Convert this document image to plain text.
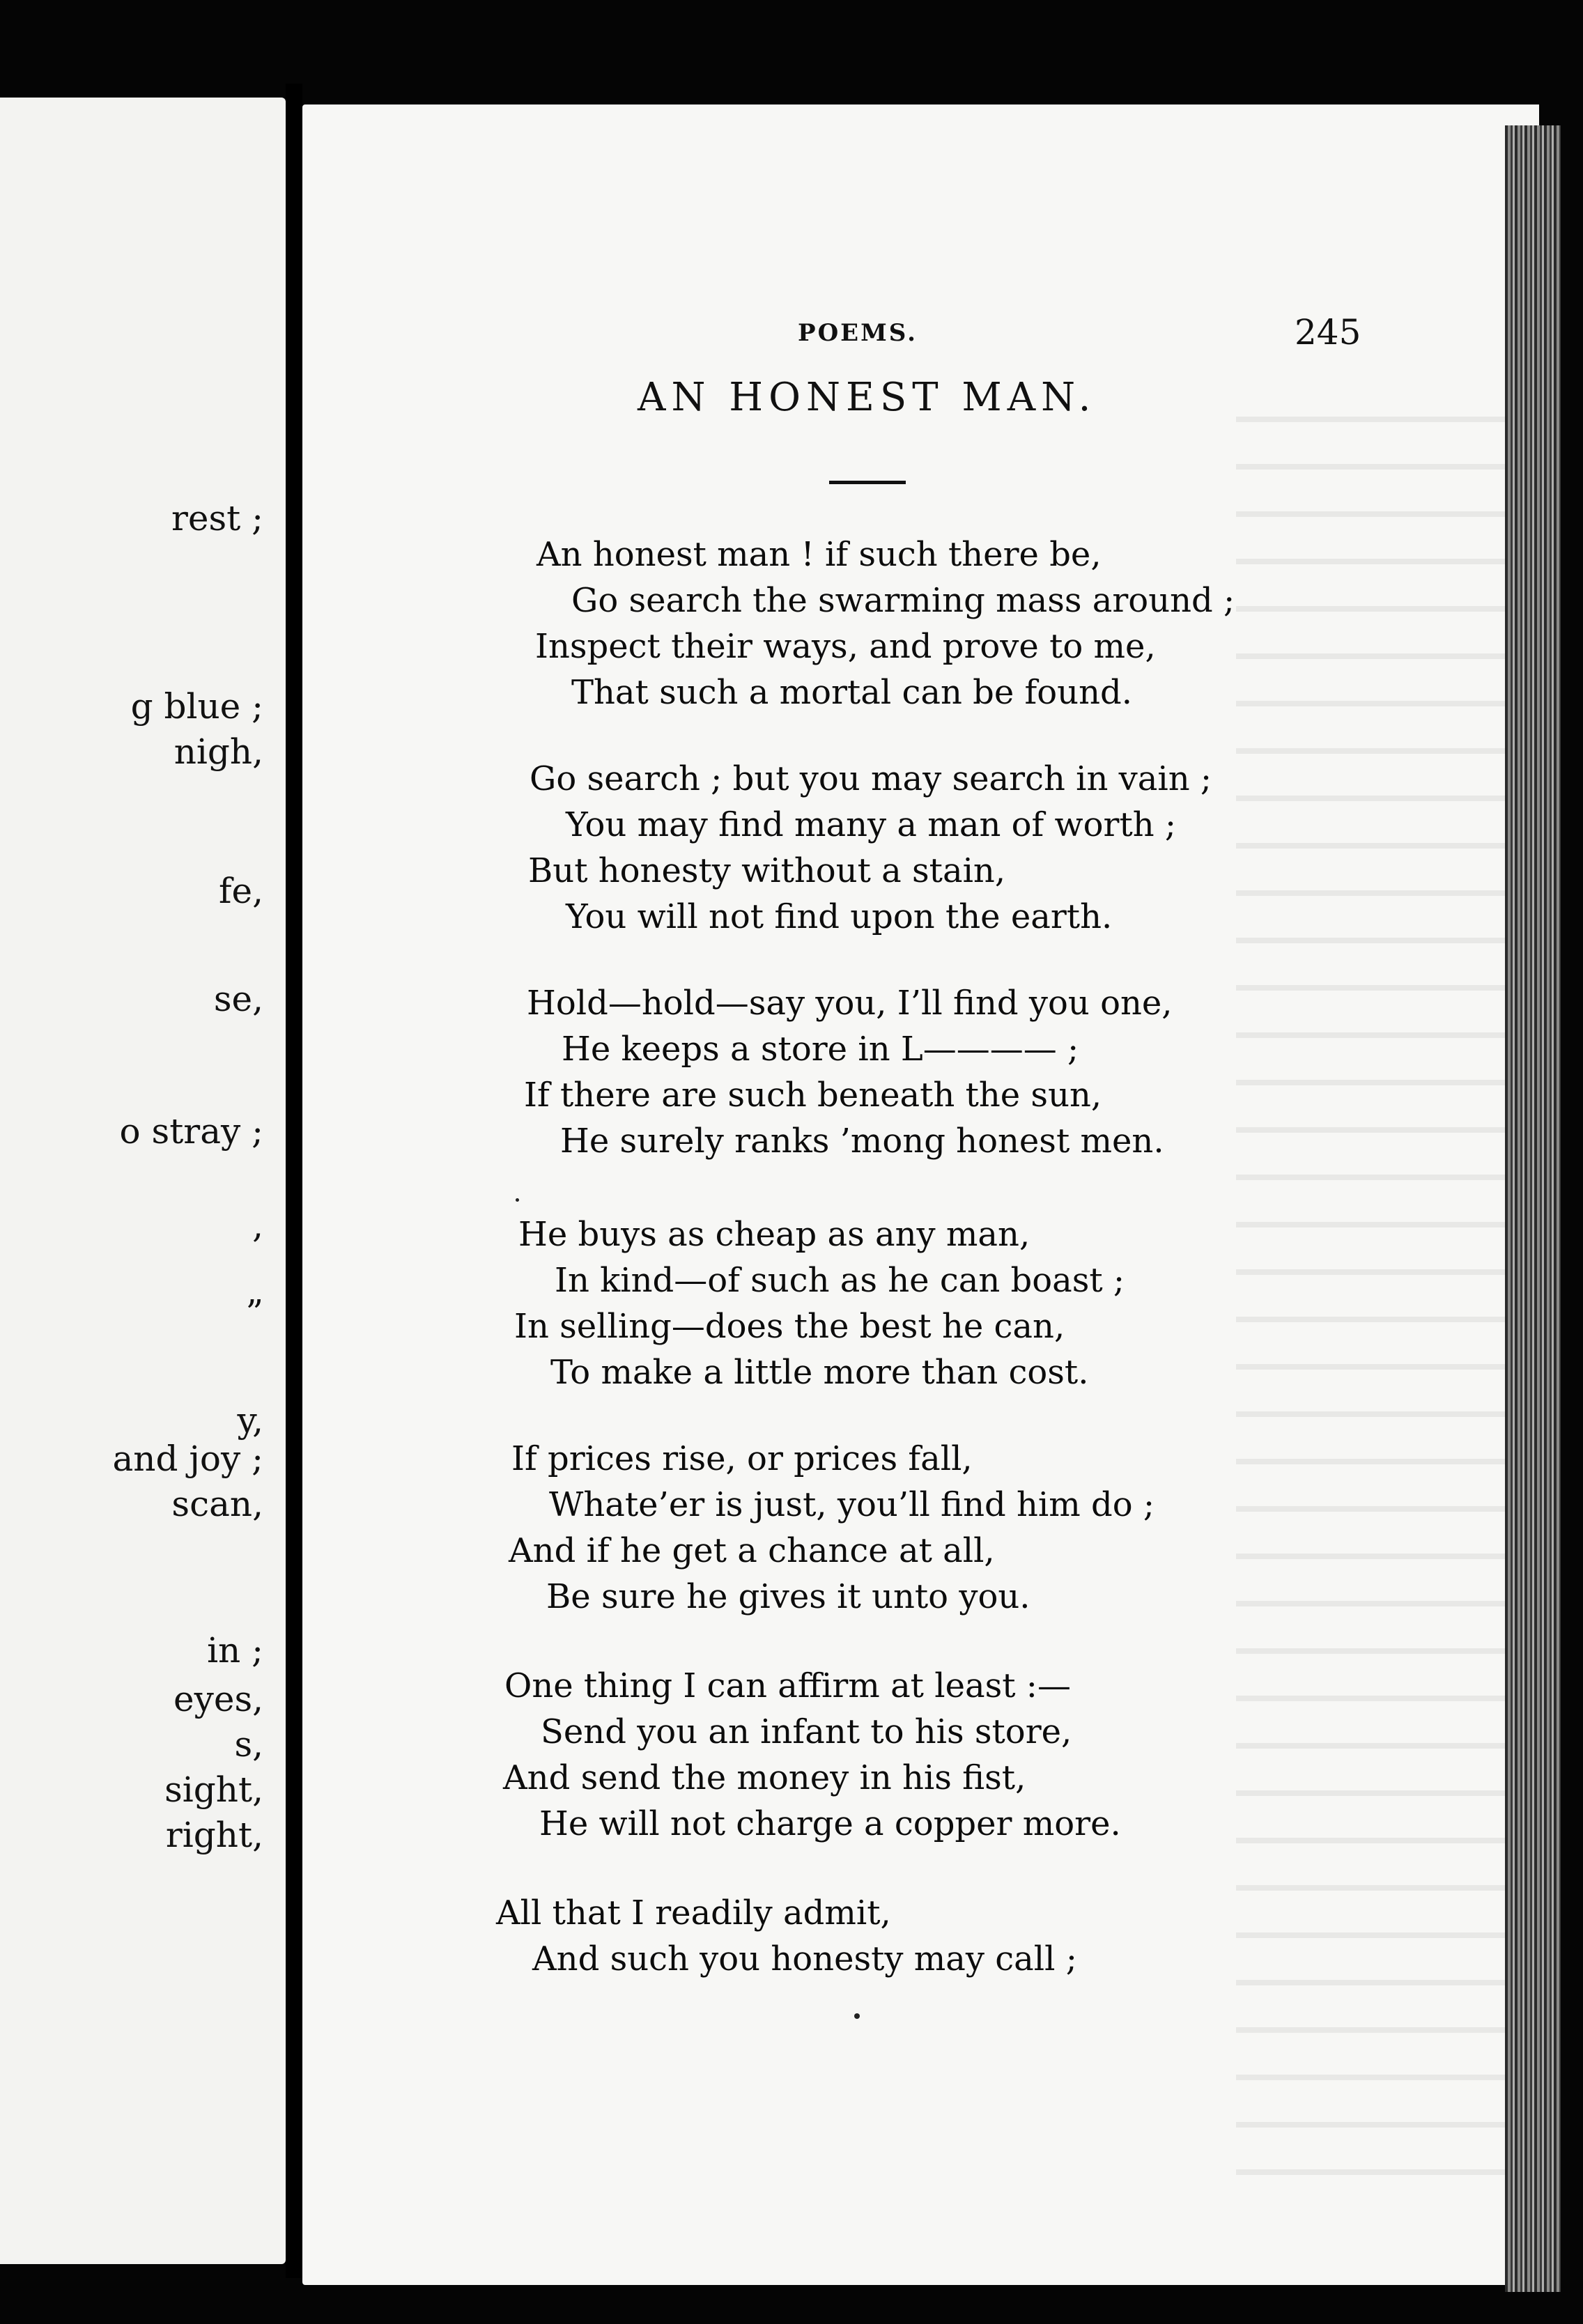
rest ;
g blue ;
nigh,
fe,
se,
o stray ;
,
”
y,
and joy ;
scan,
in ;
eyes,
s,
sight,
right,
POEMS.	245
AN HONEST MAN.
An honest man ! if such there be,
Go search the swarming mass around ;
Inspect their ways, and prove to me,
That such a mortal can be found.
Go search ; but you may search in vain ;
You may find many a man of worth ;
But honesty without a stain,
You will not find upon the earth.
Hold—hold—say you, I’ll find you one,
He keeps a store in L———— ;
If there are such beneath the sun,
He surely ranks ’mong honest men.
He buys as cheap as any man,
In kind—of such as he can boast ;
In selling—does the best he can,
To make a little more than cost.
If prices rise, or prices fall,
Whate’er is just, you’ll find him do ;
And if he get a chance at all,
Be sure he gives it unto you.
One thing I can affirm at least :—
Send you an infant to his store,
And send the money in his fist,
He will not charge a copper more.
All that I readily admit,
And such you honesty may call ;
